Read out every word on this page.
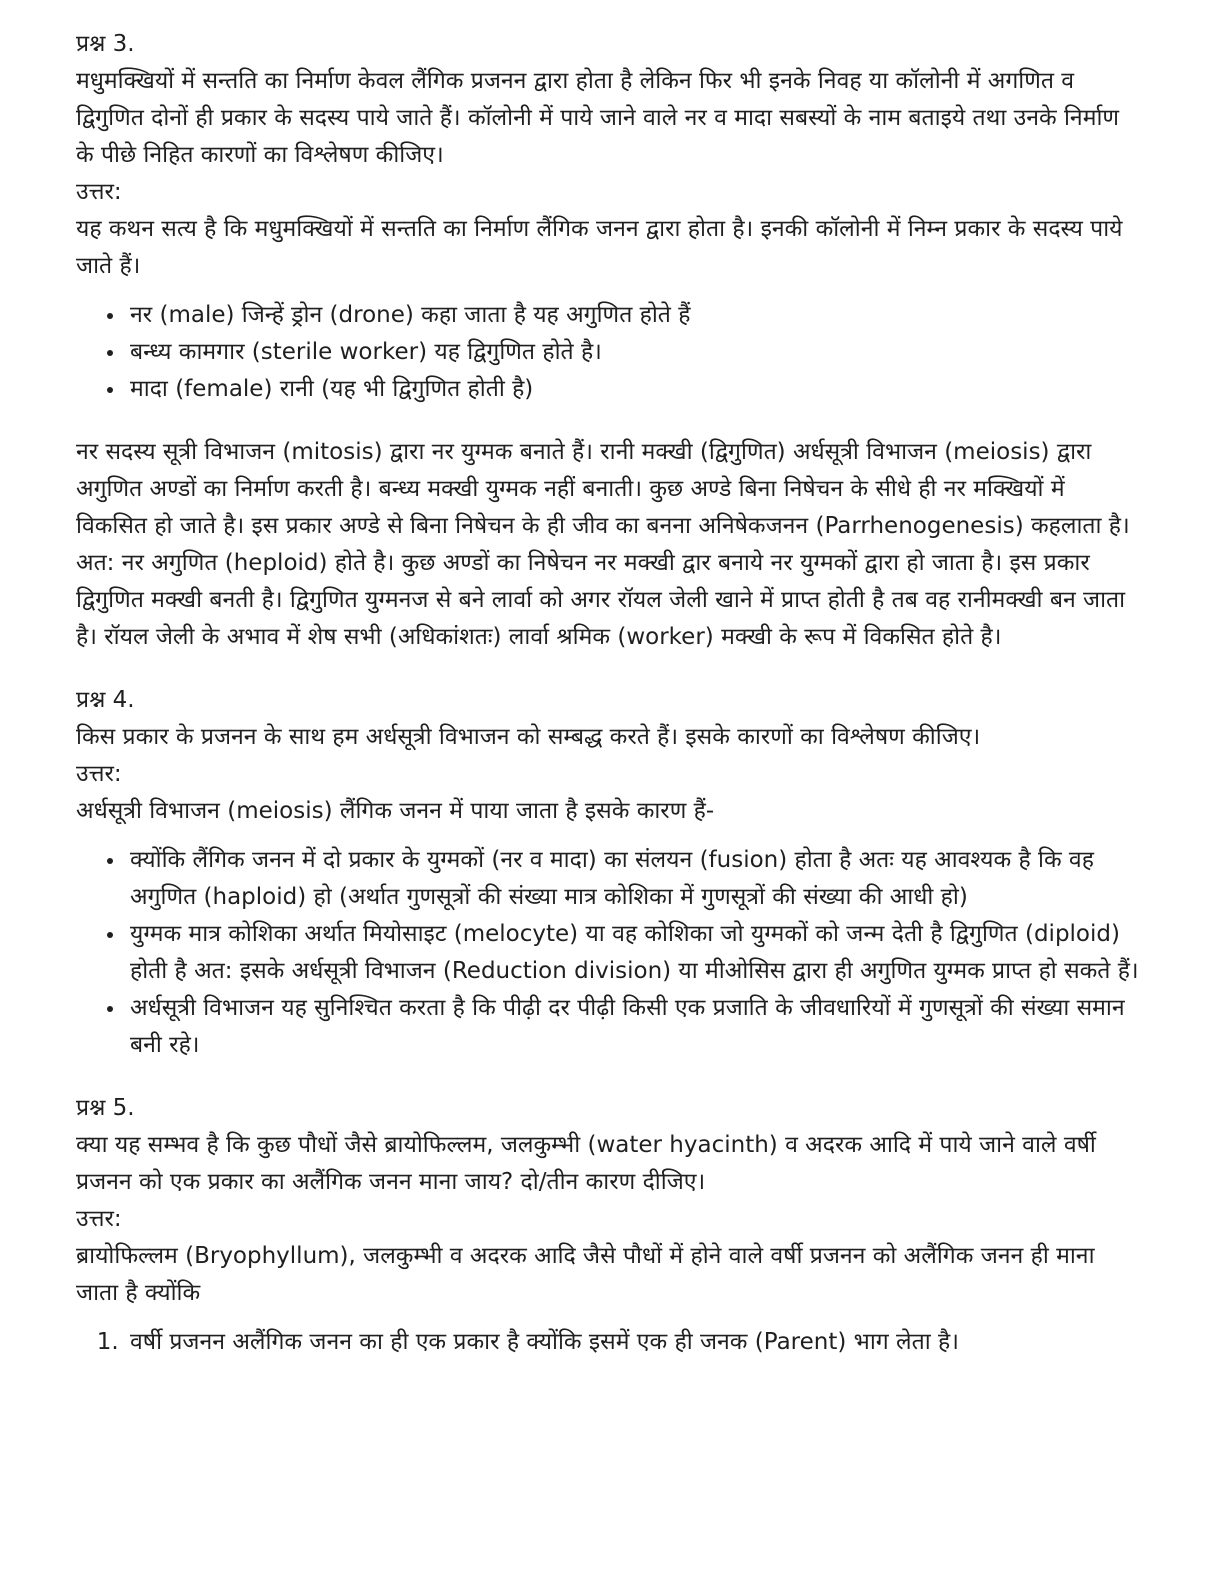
प्रश्न 3.

मधुमक्खियों में सन्तति का निर्माण केवल लैंगिक प्रजनन द्वारा होता है लेकिन फिर भी इनके निवह या कॉलोनी में अगणित व द्विगुणित दोनों ही प्रकार के सदस्य पाये जाते हैं। कॉलोनी में पाये जाने वाले नर व मादा सबस्यों के नाम बताइये तथा उनके निर्माण के पीछे निहित कारणों का विश्लेषण कीजिए।

उत्तर:

यह कथन सत्य है कि मधुमक्खियों में सन्तति का निर्माण लैंगिक जनन द्वारा होता है। इनकी कॉलोनी में निम्न प्रकार के सदस्य पाये जाते हैं।

• नर (male) जिन्हें ड्रोन (drone) कहा जाता है यह अगुणित होते हैं
• बन्ध्य कामगार (sterile worker) यह द्विगुणित होते है।
• मादा (female) रानी (यह भी द्विगुणित होती है)

नर सदस्य सूत्री विभाजन (mitosis) द्वारा नर युग्मक बनाते हैं। रानी मक्खी (द्विगुणित) अर्धसूत्री विभाजन (meiosis) द्वारा अगुणित अण्डों का निर्माण करती है। बन्ध्य मक्खी युग्मक नहीं बनाती। कुछ अण्डे बिना निषेचन के सीधे ही नर मक्खियों में विकसित हो जाते है। इस प्रकार अण्डे से बिना निषेचन के ही जीव का बनना अनिषेकजनन (Parrhenogenesis) कहलाता है। अत: नर अगुणित (heploid) होते है। कुछ अण्डों का निषेचन नर मक्खी द्वार बनाये नर युग्मकों द्वारा हो जाता है। इस प्रकार द्विगुणित मक्खी बनती है। द्विगुणित युग्मनज से बने लार्वा को अगर रॉयल जेली खाने में प्राप्त होती है तब वह रानीमक्खी बन जाता है। रॉयल जेली के अभाव में शेष सभी (अधिकांशतः) लार्वा श्रमिक (worker) मक्खी के रूप में विकसित होते है।

प्रश्न 4.

किस प्रकार के प्रजनन के साथ हम अर्धसूत्री विभाजन को सम्बद्ध करते हैं। इसके कारणों का विश्लेषण कीजिए।

उत्तर:

अर्धसूत्री विभाजन (meiosis) लैंगिक जनन में पाया जाता है इसके कारण हैं-

• क्योंकि लैंगिक जनन में दो प्रकार के युग्मकों (नर व मादा) का संलयन (fusion) होता है अतः यह आवश्यक है कि वह अगुणित (haploid) हो (अर्थात गुणसूत्रों की संख्या मात्र कोशिका में गुणसूत्रों की संख्या की आधी हो)
• युग्मक मात्र कोशिका अर्थात मियोसाइट (melocyte) या वह कोशिका जो युग्मकों को जन्म देती है द्विगुणित (diploid) होती है अत: इसके अर्धसूत्री विभाजन (Reduction division) या मीओसिस द्वारा ही अगुणित युग्मक प्राप्त हो सकते हैं।
• अर्धसूत्री विभाजन यह सुनिश्चित करता है कि पीढ़ी दर पीढ़ी किसी एक प्रजाति के जीवधारियों में गुणसूत्रों की संख्या समान बनी रहे।

प्रश्न 5.

क्या यह सम्भव है कि कुछ पौधों जैसे ब्रायोफिल्लम, जलकुम्भी (water hyacinth) व अदरक आदि में पाये जाने वाले वर्षी प्रजनन को एक प्रकार का अलैंगिक जनन माना जाय? दो/तीन कारण दीजिए।

उत्तर:

ब्रायोफिल्लम (Bryophyllum), जलकुम्भी व अदरक आदि जैसे पौधों में होने वाले वर्षी प्रजनन को अलैंगिक जनन ही माना जाता है क्योंकि

1. वर्षी प्रजनन अलैंगिक जनन का ही एक प्रकार है क्योंकि इसमें एक ही जनक (Parent) भाग लेता है।
